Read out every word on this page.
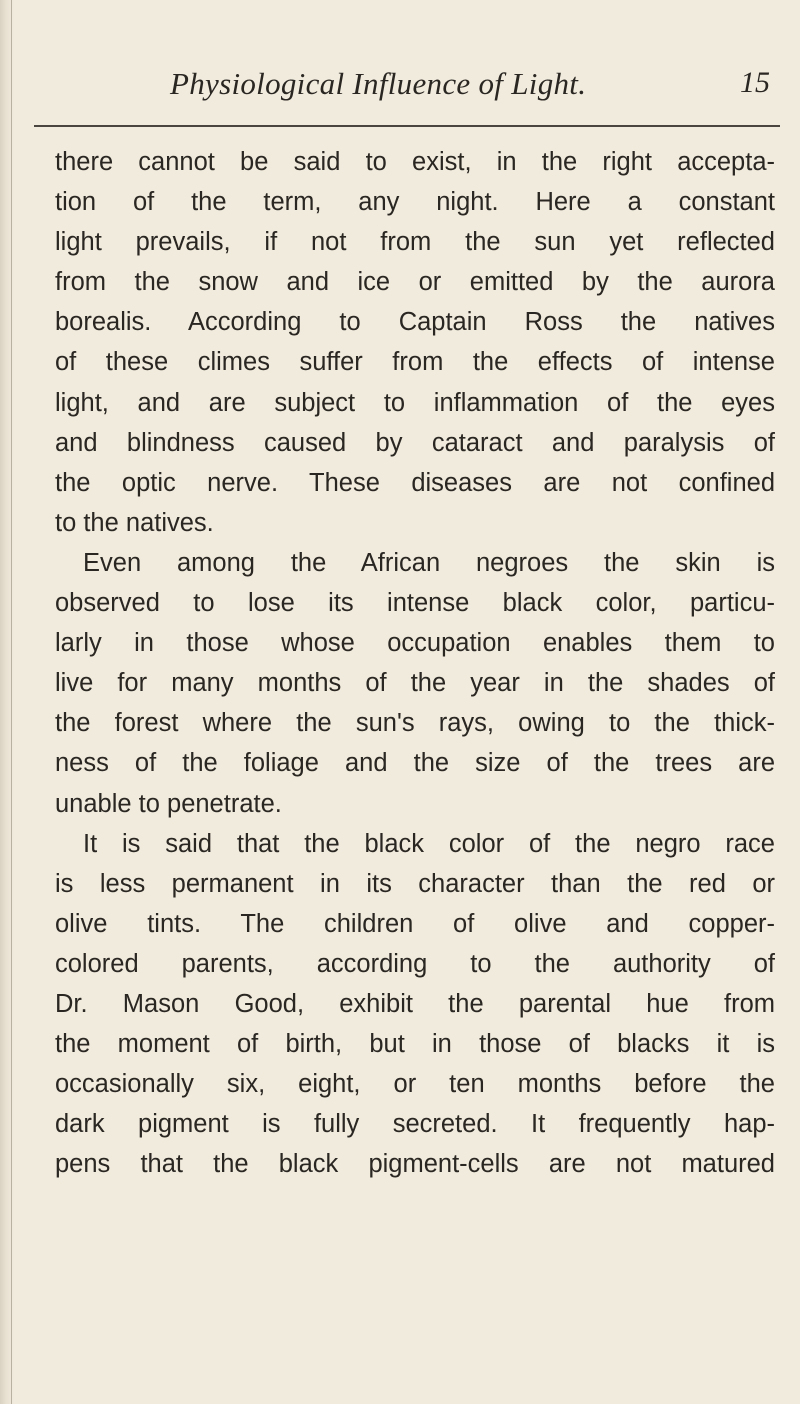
Physiological Influence of Light.	15
there cannot be said to exist, in the right accepta-
tion of the term, any night. Here a constant
light prevails, if not from the sun yet reflected
from the snow and ice or emitted by the aurora
borealis. According to Captain Ross the natives
of these climes suffer from the effects of intense
light, and are subject to inflammation of the eyes
and blindness caused by cataract and paralysis of
the optic nerve. These diseases are not confined
to the natives.
Even among the African negroes the skin is
observed to lose its intense black color, particu-
larly in those whose occupation enables them to
live for many months of the year in the shades of
the forest where the sun's rays, owing to the thick-
ness of the foliage and the size of the trees are
unable to penetrate.
It is said that the black color of the negro race
is less permanent in its character than the red or
olive tints. The children of olive and copper-
colored parents, according to the authority of
Dr. Mason Good, exhibit the parental hue from
the moment of birth, but in those of blacks it is
occasionally six, eight, or ten months before the
dark pigment is fully secreted. It frequently hap-
pens that the black pigment-cells are not matured
